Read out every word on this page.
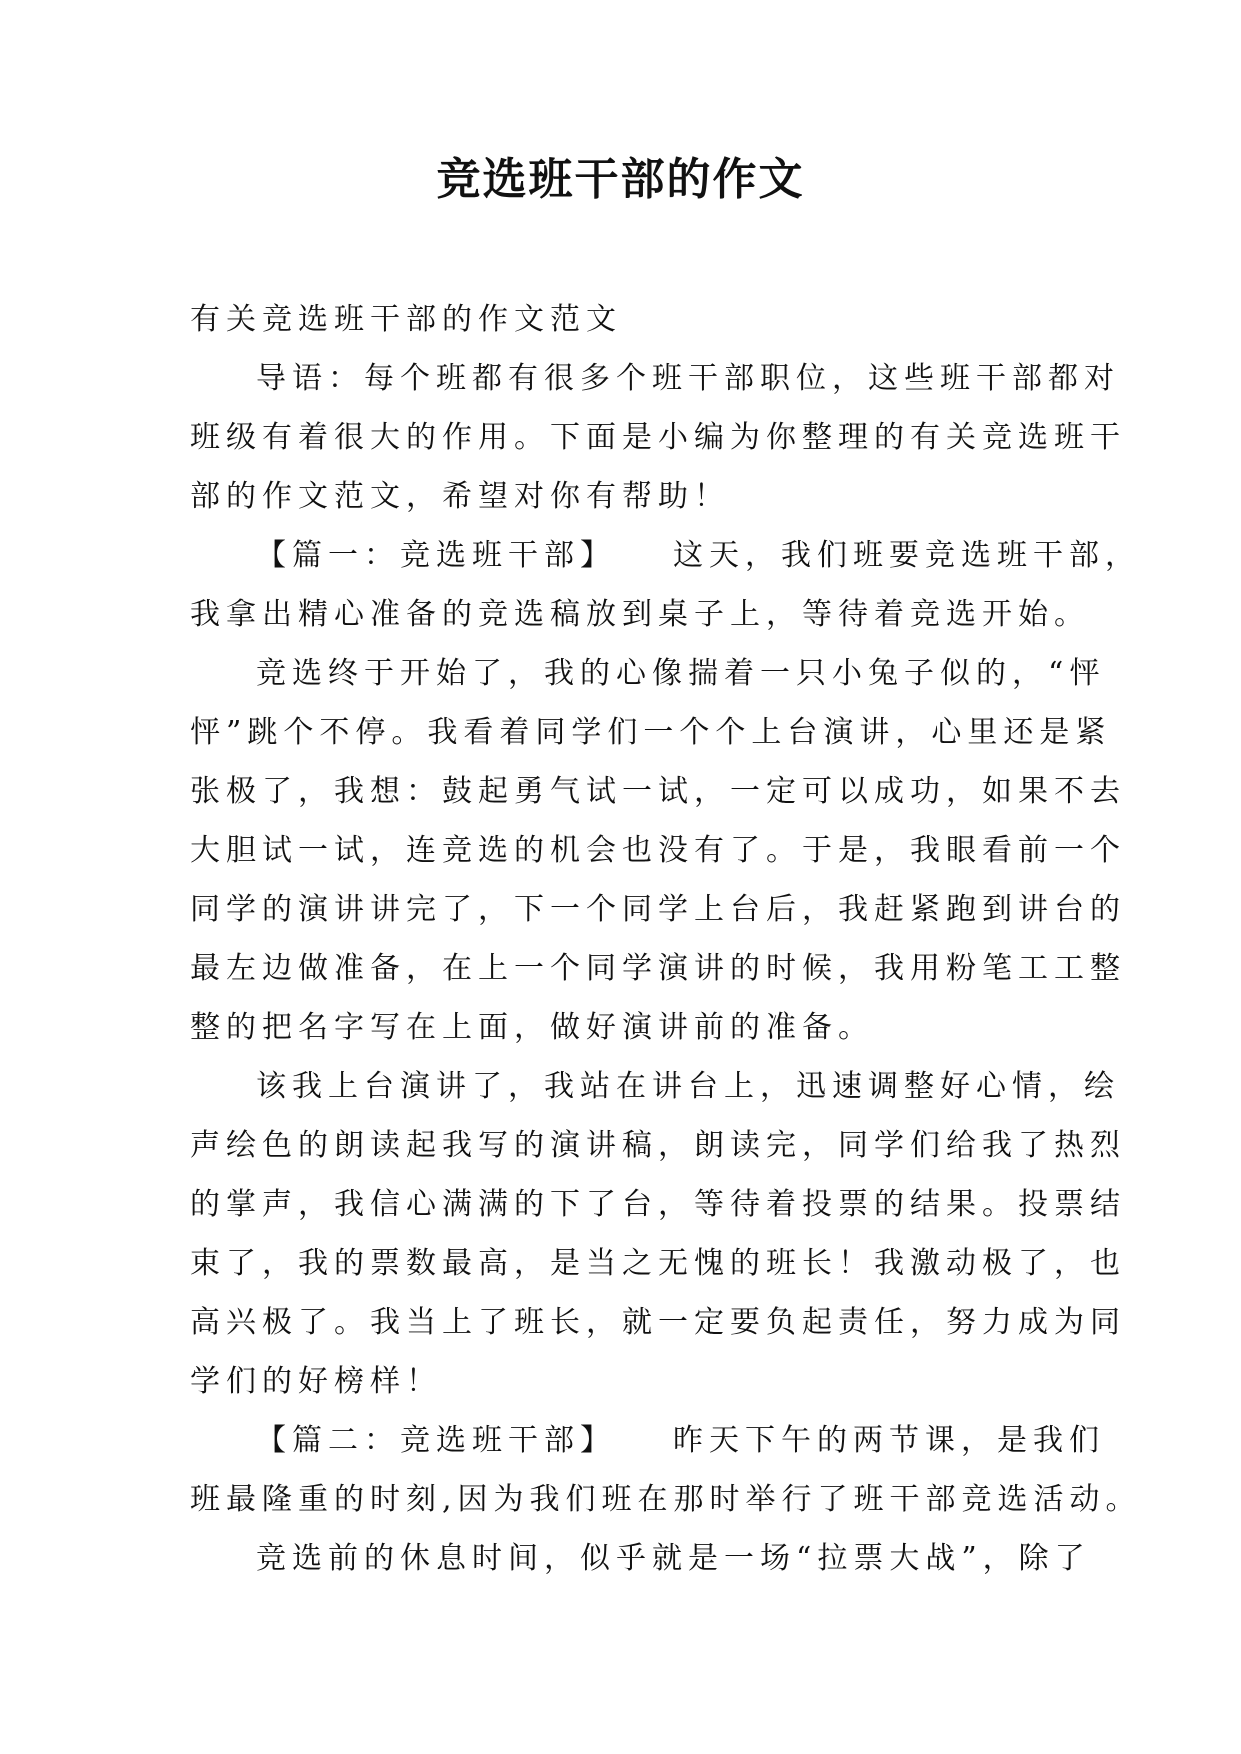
竞选班干部的作文
有关竞选班干部的作文范文
导语：每个班都有很多个班干部职位，这些班干部都对
班级有着很大的作用。下面是小编为你整理的有关竞选班干
部的作文范文，希望对你有帮助！
【篇一：竞选班干部】　　这天，我们班要竞选班干部，
我拿出精心准备的竞选稿放到桌子上，等待着竞选开始。
竞选终于开始了，我的心像揣着一只小兔子似的，“怦
怦”跳个不停。我看着同学们一个个上台演讲，心里还是紧
张极了，我想：鼓起勇气试一试，一定可以成功，如果不去
大胆试一试，连竞选的机会也没有了。于是，我眼看前一个
同学的演讲讲完了，下一个同学上台后，我赶紧跑到讲台的
最左边做准备，在上一个同学演讲的时候，我用粉笔工工整
整的把名字写在上面，做好演讲前的准备。
该我上台演讲了，我站在讲台上，迅速调整好心情，绘
声绘色的朗读起我写的演讲稿，朗读完，同学们给我了热烈
的掌声，我信心满满的下了台，等待着投票的结果。投票结
束了，我的票数最高，是当之无愧的班长！我激动极了，也
高兴极了。我当上了班长，就一定要负起责任，努力成为同
学们的好榜样！
【篇二：竞选班干部】　　昨天下午的两节课，是我们
班最隆重的时刻,因为我们班在那时举行了班干部竞选活动。
竞选前的休息时间，似乎就是一场“拉票大战”，除了
